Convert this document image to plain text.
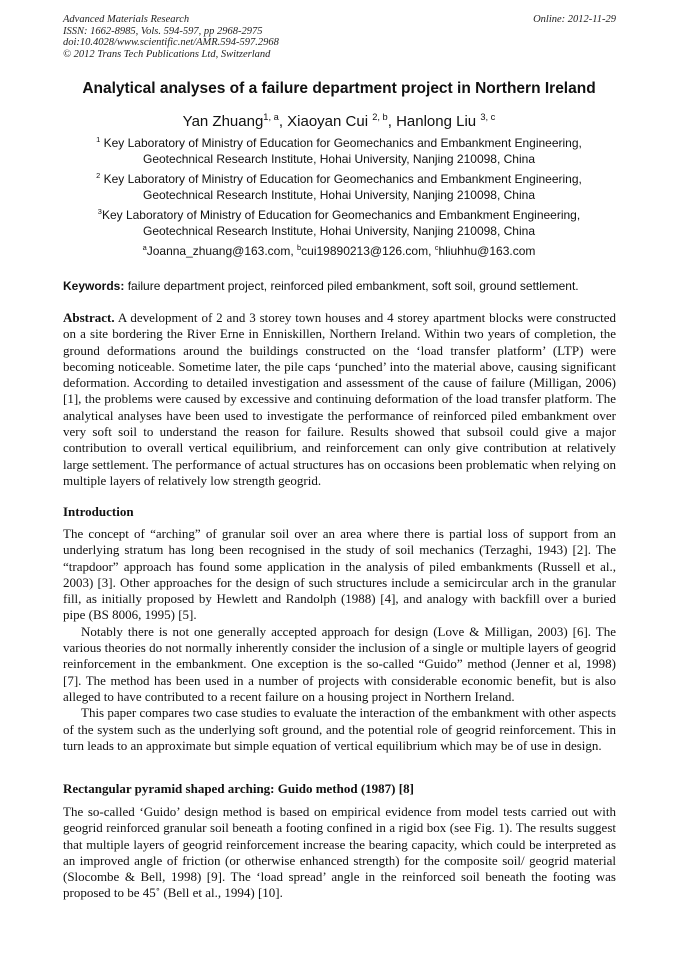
Advanced Materials Research
ISSN: 1662-8985, Vols. 594-597, pp 2968-2975
doi:10.4028/www.scientific.net/AMR.594-597.2968
© 2012 Trans Tech Publications Ltd, Switzerland
Online: 2012-11-29
Analytical analyses of a failure department project in Northern Ireland
Yan Zhuang$^{1, a}$, Xiaoyan Cui $^{2, b}$, Hanlong Liu $^{3, c}$
$^1$ Key Laboratory of Ministry of Education for Geomechanics and Embankment Engineering,
Geotechnical Research Institute, Hohai University, Nanjing 210098, China
$^2$ Key Laboratory of Ministry of Education for Geomechanics and Embankment Engineering,
Geotechnical Research Institute, Hohai University, Nanjing 210098, China
$^3$Key Laboratory of Ministry of Education for Geomechanics and Embankment Engineering,
Geotechnical Research Institute, Hohai University, Nanjing 210098, China
$^a$Joanna_zhuang@163.com, $^b$cui19890213@126.com, $^c$hliuhhu@163.com
Keywords: failure department project, reinforced piled embankment, soft soil, ground settlement.

Abstract. A development of 2 and 3 storey town houses and 4 storey apartment blocks were constructed on a site bordering the River Erne in Enniskillen, Northern Ireland. Within two years of completion, the ground deformations around the buildings constructed on the ‘load transfer platform’ (LTP) were becoming noticeable. Sometime later, the pile caps ‘punched’ into the material above, causing significant deformation. According to detailed investigation and assessment of the cause of failure (Milligan, 2006) [1], the problems were caused by excessive and continuing deformation of the load transfer platform. The analytical analyses have been used to investigate the performance of reinforced piled embankment over very soft soil to understand the reason for failure. Results showed that subsoil could give a major contribution to overall vertical equilibrium, and reinforcement can only give contribution at relatively large settlement. The performance of actual structures has on occasions been problematic when relying on multiple layers of relatively low strength geogrid.

Introduction

The concept of “arching” of granular soil over an area where there is partial loss of support from an underlying stratum has long been recognised in the study of soil mechanics (Terzaghi, 1943) [2]. The “trapdoor” approach has found some application in the analysis of piled embankments (Russell et al., 2003) [3]. Other approaches for the design of such structures include a semicircular arch in the granular fill, as initially proposed by Hewlett and Randolph (1988) [4], and analogy with backfill over a buried pipe (BS 8006, 1995) [5].

Notably there is not one generally accepted approach for design (Love & Milligan, 2003) [6]. The various theories do not normally inherently consider the inclusion of a single or multiple layers of geogrid reinforcement in the embankment. One exception is the so-called “Guido” method (Jenner et al, 1998) [7]. The method has been used in a number of projects with considerable economic benefit, but is also alleged to have contributed to a recent failure on a housing project in Northern Ireland.

This paper compares two case studies to evaluate the interaction of the embankment with other aspects of the system such as the underlying soft ground, and the potential role of geogrid reinforcement. This in turn leads to an approximate but simple equation of vertical equilibrium which may be of use in design.

Rectangular pyramid shaped arching: Guido method (1987) [8]

The so-called ‘Guido’ design method is based on empirical evidence from model tests carried out with geogrid reinforced granular soil beneath a footing confined in a rigid box (see Fig. 1). The results suggest that multiple layers of geogrid reinforcement increase the bearing capacity, which could be interpreted as an improved angle of friction (or otherwise enhanced strength) for the composite soil/ geogrid material (Slocombe & Bell, 1998) [9]. The ‘load spread’ angle in the reinforced soil beneath the footing was proposed to be 45˚ (Bell et al., 1994) [10].
